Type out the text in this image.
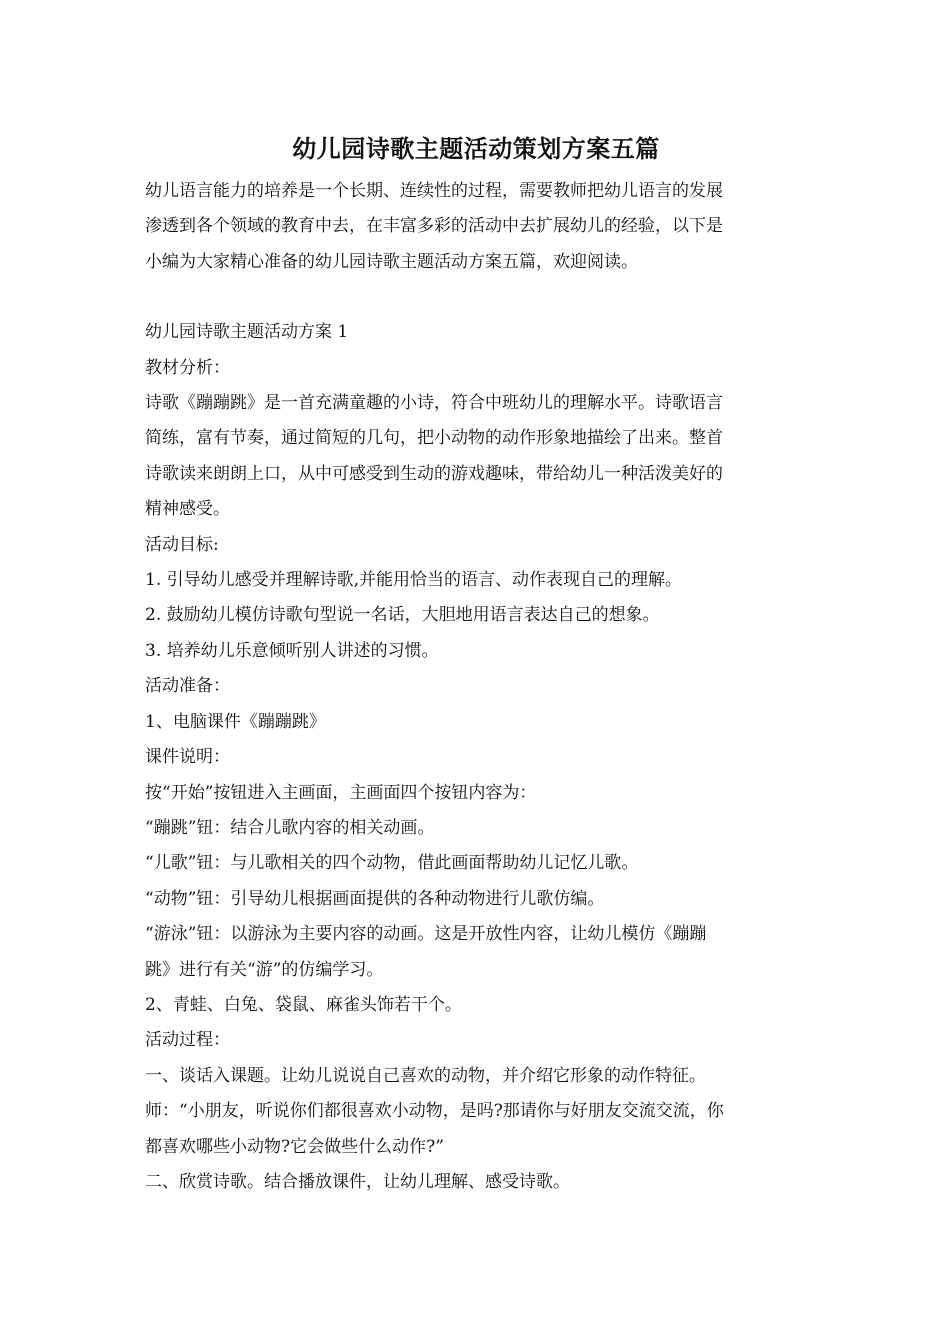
幼儿园诗歌主题活动策划方案五篇
幼儿语言能力的培养是一个长期、连续性的过程，需要教师把幼儿语言的发展
渗透到各个领域的教育中去，在丰富多彩的活动中去扩展幼儿的经验，以下是
小编为大家精心准备的幼儿园诗歌主题活动方案五篇，欢迎阅读。
幼儿园诗歌主题活动方案 1
教材分析：
诗歌《蹦蹦跳》是一首充满童趣的小诗，符合中班幼儿的理解水平。诗歌语言
简练，富有节奏，通过简短的几句，把小动物的动作形象地描绘了出来。整首
诗歌读来朗朗上口，从中可感受到生动的游戏趣味，带给幼儿一种活泼美好的
精神感受。
活动目标:
1. 引导幼儿感受并理解诗歌,并能用恰当的语言、动作表现自己的理解。
2. 鼓励幼儿模仿诗歌句型说一名话，大胆地用语言表达自己的想象。
3. 培养幼儿乐意倾听别人讲述的习惯。
活动准备：
1、电脑课件《蹦蹦跳》
课件说明：
按“开始”按钮进入主画面，主画面四个按钮内容为：
“蹦跳”钮：结合儿歌内容的相关动画。
“儿歌”钮：与儿歌相关的四个动物，借此画面帮助幼儿记忆儿歌。
“动物”钮：引导幼儿根据画面提供的各种动物进行儿歌仿编。
“游泳”钮：以游泳为主要内容的动画。这是开放性内容，让幼儿模仿《蹦蹦
跳》进行有关“游”的仿编学习。
2、青蛙、白兔、袋鼠、麻雀头饰若干个。
活动过程：
一、谈话入课题。让幼儿说说自己喜欢的动物，并介绍它形象的动作特征。
师：“小朋友，听说你们都很喜欢小动物，是吗?那请你与好朋友交流交流，你
都喜欢哪些小动物?它会做些什么动作?”
二、欣赏诗歌。结合播放课件，让幼儿理解、感受诗歌。
